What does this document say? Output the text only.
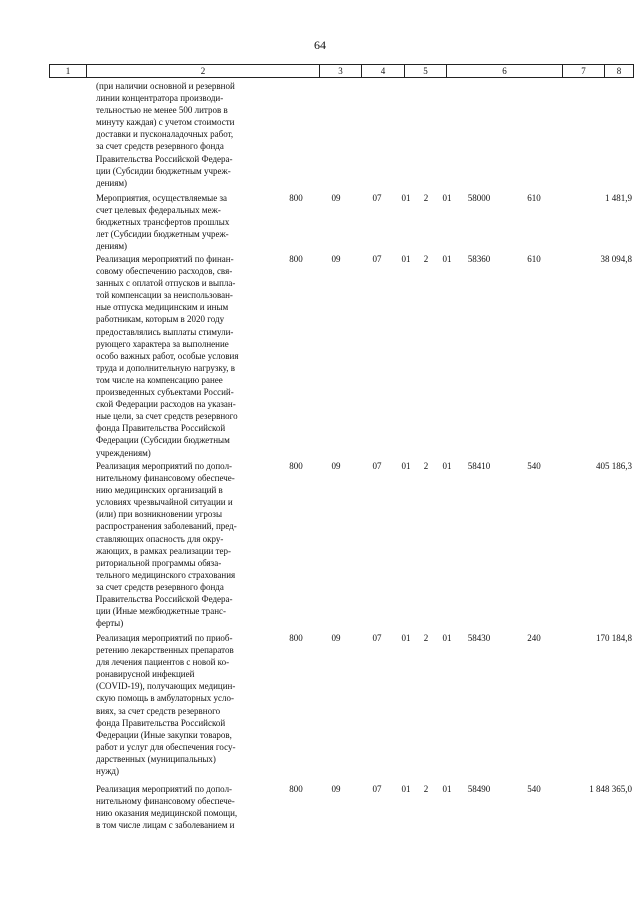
64
1	2	3	4	5	6	7	8
(при наличии основной и резервной
линии концентратора производи-
тельностью не менее 500 литров в
минуту каждая) с учетом стоимости
доставки и пусконаладочных работ,
за счет средств резервного фонда
Правительства Российской Федера-
ции (Субсидии бюджетным учреж-
дениям)
Мероприятия, осуществляемые за
счет целевых федеральных меж-
бюджетных трансфертов прошлых
лет (Субсидии бюджетным учреж-
дениям)
800	09	07	01	2	01	58000	610	1 481,9
Реализация мероприятий по финан-
совому обеспечению расходов, свя-
занных с оплатой отпусков и выпла-
той компенсации за неиспользован-
ные отпуска медицинским и иным
работникам, которым в 2020 году
предоставлялись выплаты стимули-
рующего характера за выполнение
особо важных работ, особые условия
труда и дополнительную нагрузку, в
том числе на компенсацию ранее
произведенных субъектами Россий-
ской Федерации расходов на указан-
ные цели, за счет средств резервного
фонда Правительства Российской
Федерации (Субсидии бюджетным
учреждениям)
800	09	07	01	2	01	58360	610	38 094,8
Реализация мероприятий по допол-
нительному финансовому обеспече-
нию медицинских организаций в
условиях чрезвычайной ситуации и
(или) при возникновении угрозы
распространения заболеваний, пред-
ставляющих опасность для окру-
жающих, в рамках реализации тер-
риториальной программы обяза-
тельного медицинского страхования
за счет средств резервного фонда
Правительства Российской Федера-
ции (Иные межбюджетные транс-
ферты)
800	09	07	01	2	01	58410	540	405 186,3
Реализация мероприятий по приоб-
ретению лекарственных препаратов
для лечения пациентов с новой ко-
ронавирусной инфекцией
(COVID-19), получающих медицин-
скую помощь в амбулаторных усло-
виях, за счет средств резервного
фонда Правительства Российской
Федерации (Иные закупки товаров,
работ и услуг для обеспечения госу-
дарственных (муниципальных)
нужд)
800	09	07	01	2	01	58430	240	170 184,8
Реализация мероприятий по допол-
нительному финансовому обеспече-
нию оказания медицинской помощи,
в том числе лицам с заболеванием и
800	09	07	01	2	01	58490	540	1 848 365,0
